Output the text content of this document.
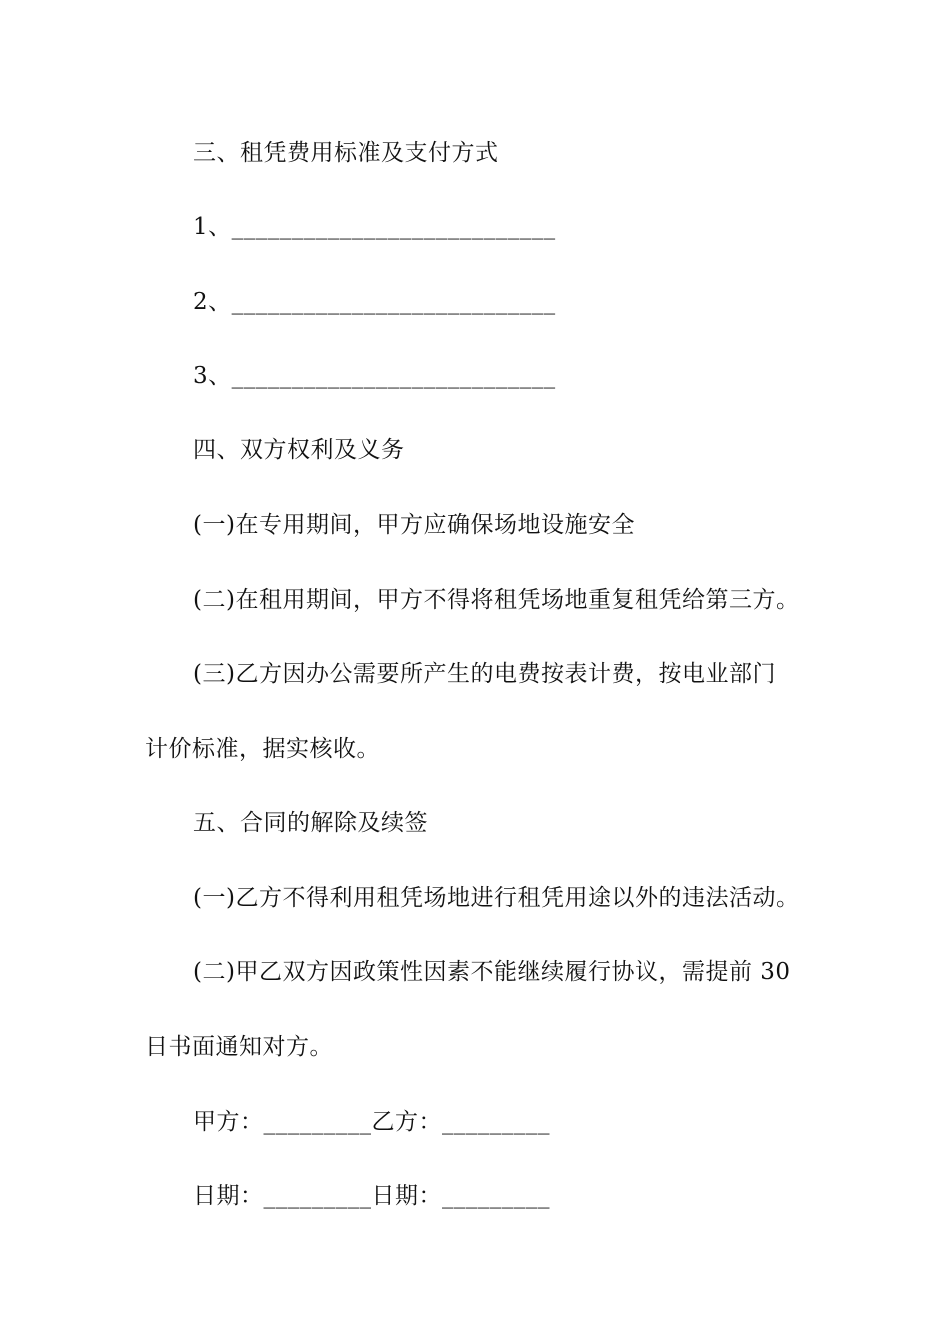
三、租凭费用标准及支付方式
1、___________________________
2、___________________________
3、___________________________
四、双方权利及义务
(一)在专用期间，甲方应确保场地设施安全
(二)在租用期间，甲方不得将租凭场地重复租凭给第三方。
(三)乙方因办公需要所产生的电费按表计费，按电业部门
计价标准，据实核收。
五、合同的解除及续签
(一)乙方不得利用租凭场地进行租凭用途以外的违法活动。
(二)甲乙双方因政策性因素不能继续履行协议，需提前 30
日书面通知对方。
甲方：_________乙方：_________
日期：_________日期：_________
